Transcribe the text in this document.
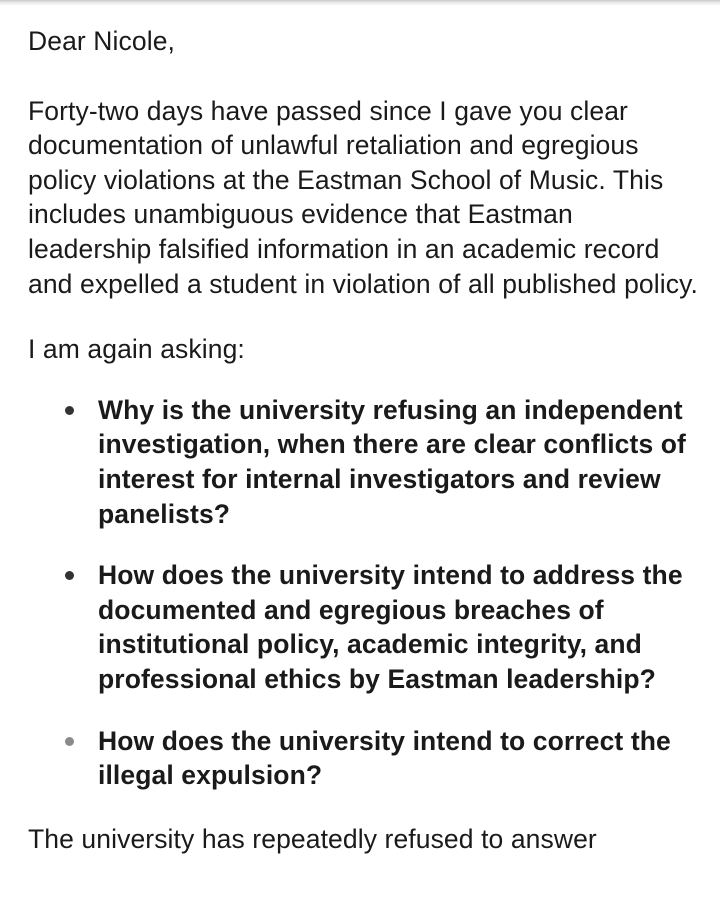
Dear Nicole,

Forty-two days have passed since I gave you clear documentation of unlawful retaliation and egregious policy violations at the Eastman School of Music. This includes unambiguous evidence that Eastman leadership falsified information in an academic record and expelled a student in violation of all published policy.

I am again asking:

Why is the university refusing an independent investigation, when there are clear conflicts of interest for internal investigators and review panelists?
How does the university intend to address the documented and egregious breaches of institutional policy, academic integrity, and professional ethics by Eastman leadership?
How does the university intend to correct the illegal expulsion?

The university has repeatedly refused to answer
